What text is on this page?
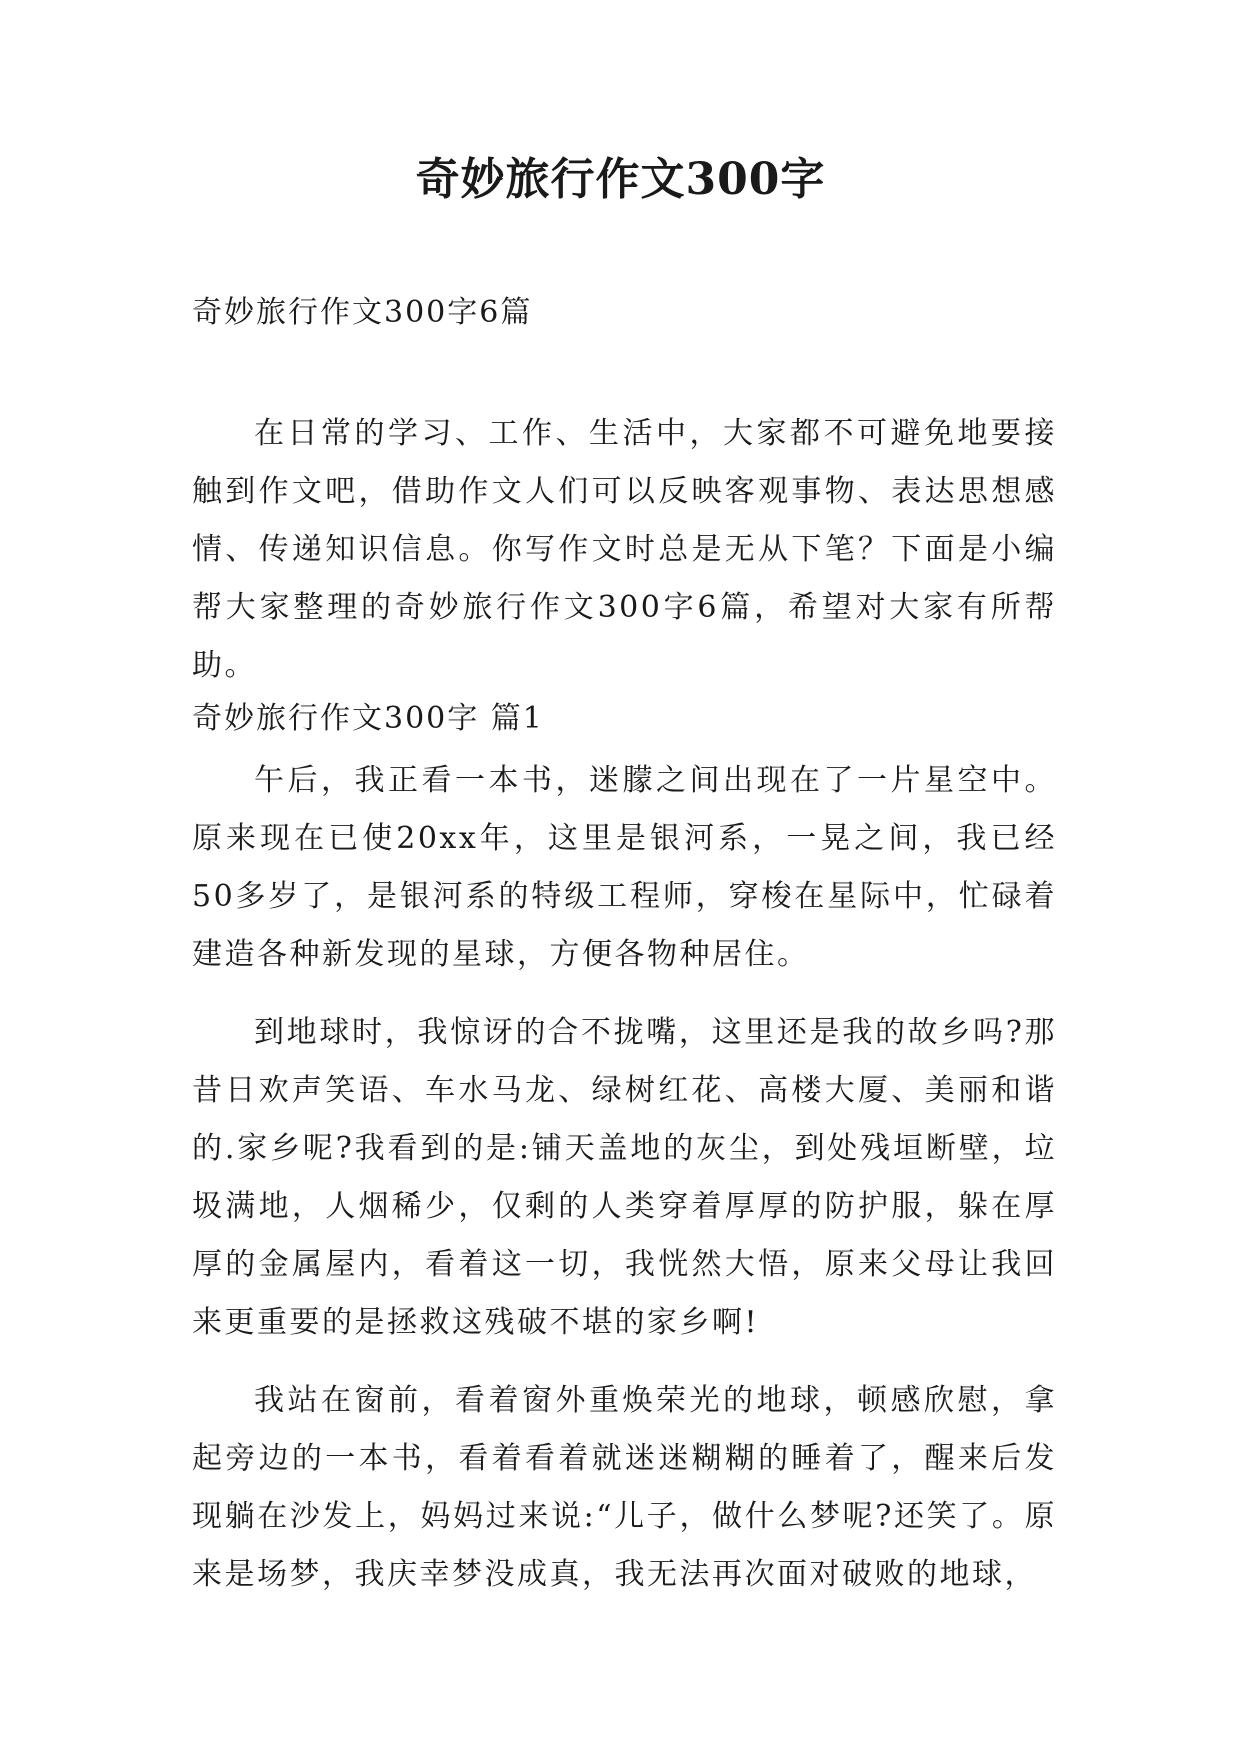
奇妙旅行作文300字
奇妙旅行作文300字6篇

在日常的学习、工作、生活中，大家都不可避免地要接触到作文吧，借助作文人们可以反映客观事物、表达思想感情、传递知识信息。你写作文时总是无从下笔？下面是小编帮大家整理的奇妙旅行作文300字6篇，希望对大家有所帮助。

奇妙旅行作文300字 篇1

午后，我正看一本书，迷朦之间出现在了一片星空中。原来现在已使20xx年，这里是银河系，一晃之间，我已经50多岁了，是银河系的特级工程师，穿梭在星际中，忙碌着建造各种新发现的星球，方便各物种居住。

到地球时，我惊讶的合不拢嘴，这里还是我的故乡吗?那昔日欢声笑语、车水马龙、绿树红花、高楼大厦、美丽和谐的.家乡呢?我看到的是:铺天盖地的灰尘，到处残垣断壁，垃圾满地，人烟稀少，仅剩的人类穿着厚厚的防护服，躲在厚厚的金属屋内，看着这一切，我恍然大悟，原来父母让我回来更重要的是拯救这残破不堪的家乡啊!

我站在窗前，看着窗外重焕荣光的地球，顿感欣慰，拿起旁边的一本书，看着看着就迷迷糊糊的睡着了，醒来后发现躺在沙发上，妈妈过来说:“儿子，做什么梦呢?还笑了。原来是场梦，我庆幸梦没成真，我无法再次面对破败的地球，
